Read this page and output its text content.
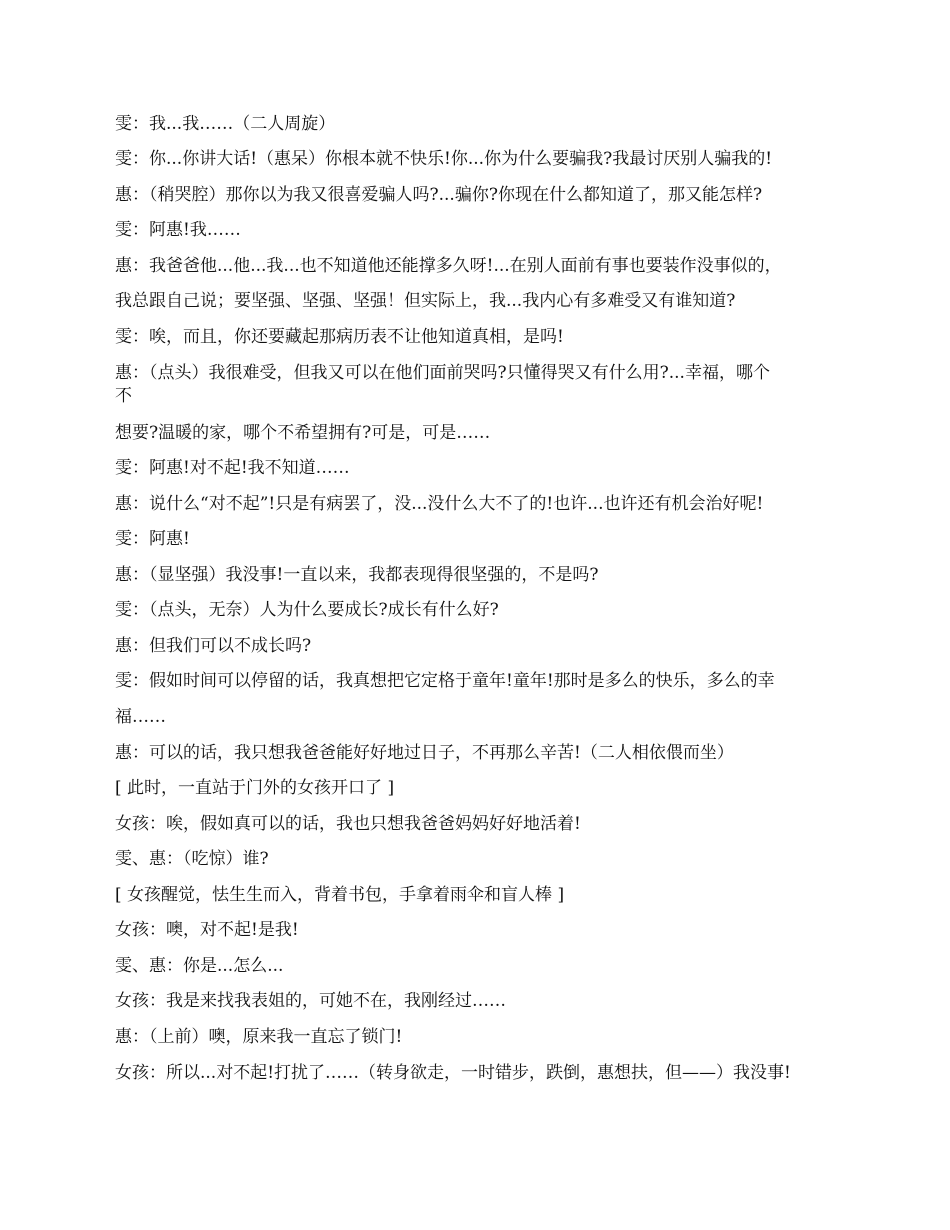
雯：我...我……（二人周旋）
雯：你...你讲大话!（惠呆）你根本就不快乐!你...你为什么要骗我?我最讨厌别人骗我的!
惠：（稍哭腔）那你以为我又很喜爱骗人吗?...骗你?你现在什么都知道了，那又能怎样?
雯：阿惠!我……
惠：我爸爸他...他...我...也不知道他还能撑多久呀!...在别人面前有事也要装作没事似的，
我总跟自己说；要坚强、坚强、坚强！但实际上，我...我内心有多难受又有谁知道?
雯：唉，而且，你还要藏起那病历表不让他知道真相，是吗!
惠：（点头）我很难受，但我又可以在他们面前哭吗?只懂得哭又有什么用?...幸福，哪个
不
想要?温暖的家，哪个不希望拥有?可是，可是……
雯：阿惠!对不起!我不知道……
惠：说什么“对不起”!只是有病罢了，没...没什么大不了的!也许...也许还有机会治好呢!
雯：阿惠!
惠：（显坚强）我没事!一直以来，我都表现得很坚强的，不是吗?
雯：（点头，无奈）人为什么要成长?成长有什么好?
惠：但我们可以不成长吗?
雯：假如时间可以停留的话，我真想把它定格于童年!童年!那时是多么的快乐，多么的幸
福……
惠：可以的话，我只想我爸爸能好好地过日子，不再那么辛苦!（二人相依偎而坐）
[ 此时，一直站于门外的女孩开口了 ]
女孩：唉，假如真可以的话，我也只想我爸爸妈妈好好地活着!
雯、惠：（吃惊）谁?
[ 女孩醒觉，怯生生而入，背着书包，手拿着雨伞和盲人棒 ]
女孩：噢，对不起!是我!
雯、惠：你是...怎么...
女孩：我是来找我表姐的，可她不在，我刚经过……
惠：（上前）噢，原来我一直忘了锁门!
女孩：所以...对不起!打扰了……（转身欲走，一时错步，跌倒，惠想扶，但——）我没事!
